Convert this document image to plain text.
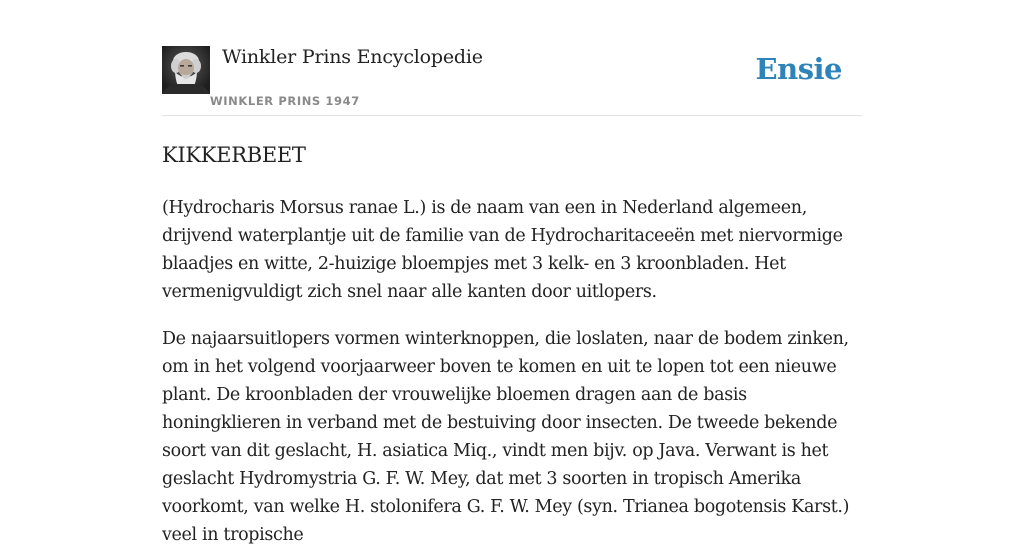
Winkler Prins Encyclopedie
WINKLER PRINS 1947
Ensie
KIKKERBEET

(Hydrocharis Morsus ranae L.) is de naam van een in Nederland algemeen, drijvend waterplantje uit de familie van de Hydrocharitaceeën met niervormige blaadjes en witte, 2-huizige bloempjes met 3 kelk- en 3 kroonbladen. Het vermenigvuldigt zich snel naar alle kanten door uitlopers.

De najaarsuitlopers vormen winterknoppen, die loslaten, naar de bodem zinken, om in het volgend voorjaarweer boven te komen en uit te lopen tot een nieuwe plant. De kroonbladen der vrouwelijke bloemen dragen aan de basis honingklieren in verband met de bestuiving door insecten. De tweede bekende soort van dit geslacht, H. asiatica Miq., vindt men bijv. op Java. Verwant is het geslacht Hydromystria G. F. W. Mey, dat met 3 soorten in tropisch Amerika voorkomt, van welke H. stolonifera G. F. W. Mey (syn. Trianea bogotensis Karst.) veel in tropische
